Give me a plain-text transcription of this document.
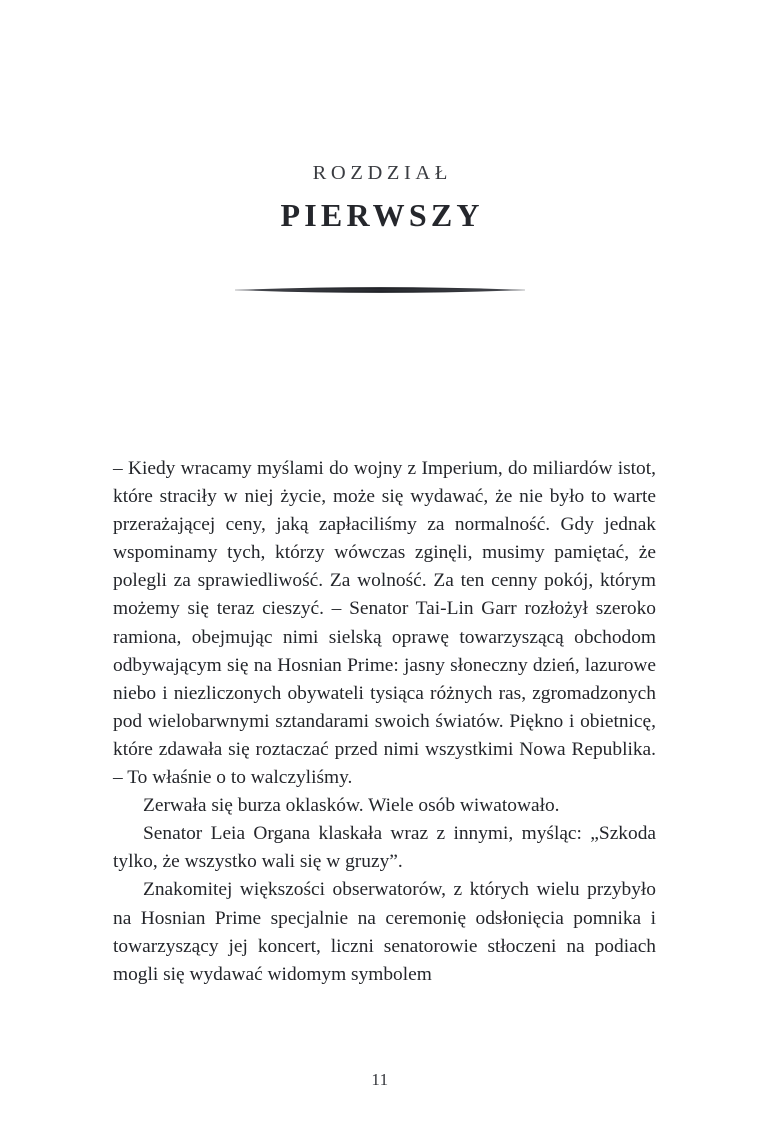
ROZDZIAŁ
PIERWSZY

– Kiedy wracamy myślami do wojny z Imperium, do miliardów istot, które straciły w niej życie, może się wydawać, że nie było to warte przerażającej ceny, jaką zapłaciliśmy za normalność. Gdy jednak wspominamy tych, którzy wówczas zginęli, musimy pamiętać, że polegli za sprawiedliwość. Za wolność. Za ten cenny pokój, którym możemy się teraz cieszyć. – Senator Tai-Lin Garr rozłożył szeroko ramiona, obejmując nimi sielską oprawę towarzyszącą obchodom odbywającym się na Hosnian Prime: jasny słoneczny dzień, lazurowe niebo i niezliczonych obywateli tysiąca różnych ras, zgromadzonych pod wielobarwnymi sztandarami swoich światów. Piękno i obietnicę, które zdawała się roztaczać przed nimi wszystkimi Nowa Republika. – To właśnie o to walczyliśmy.

Zerwała się burza oklasków. Wiele osób wiwatowało.

Senator Leia Organa klaskała wraz z innymi, myśląc: „Szkoda tylko, że wszystko wali się w gruzy”.

Znakomitej większości obserwatorów, z których wielu przybyło na Hosnian Prime specjalnie na ceremonię odsłonięcia pomnika i towarzyszący jej koncert, liczni senatorowie stłoczeni na podiach mogli się wydawać widomym symbolem

11
